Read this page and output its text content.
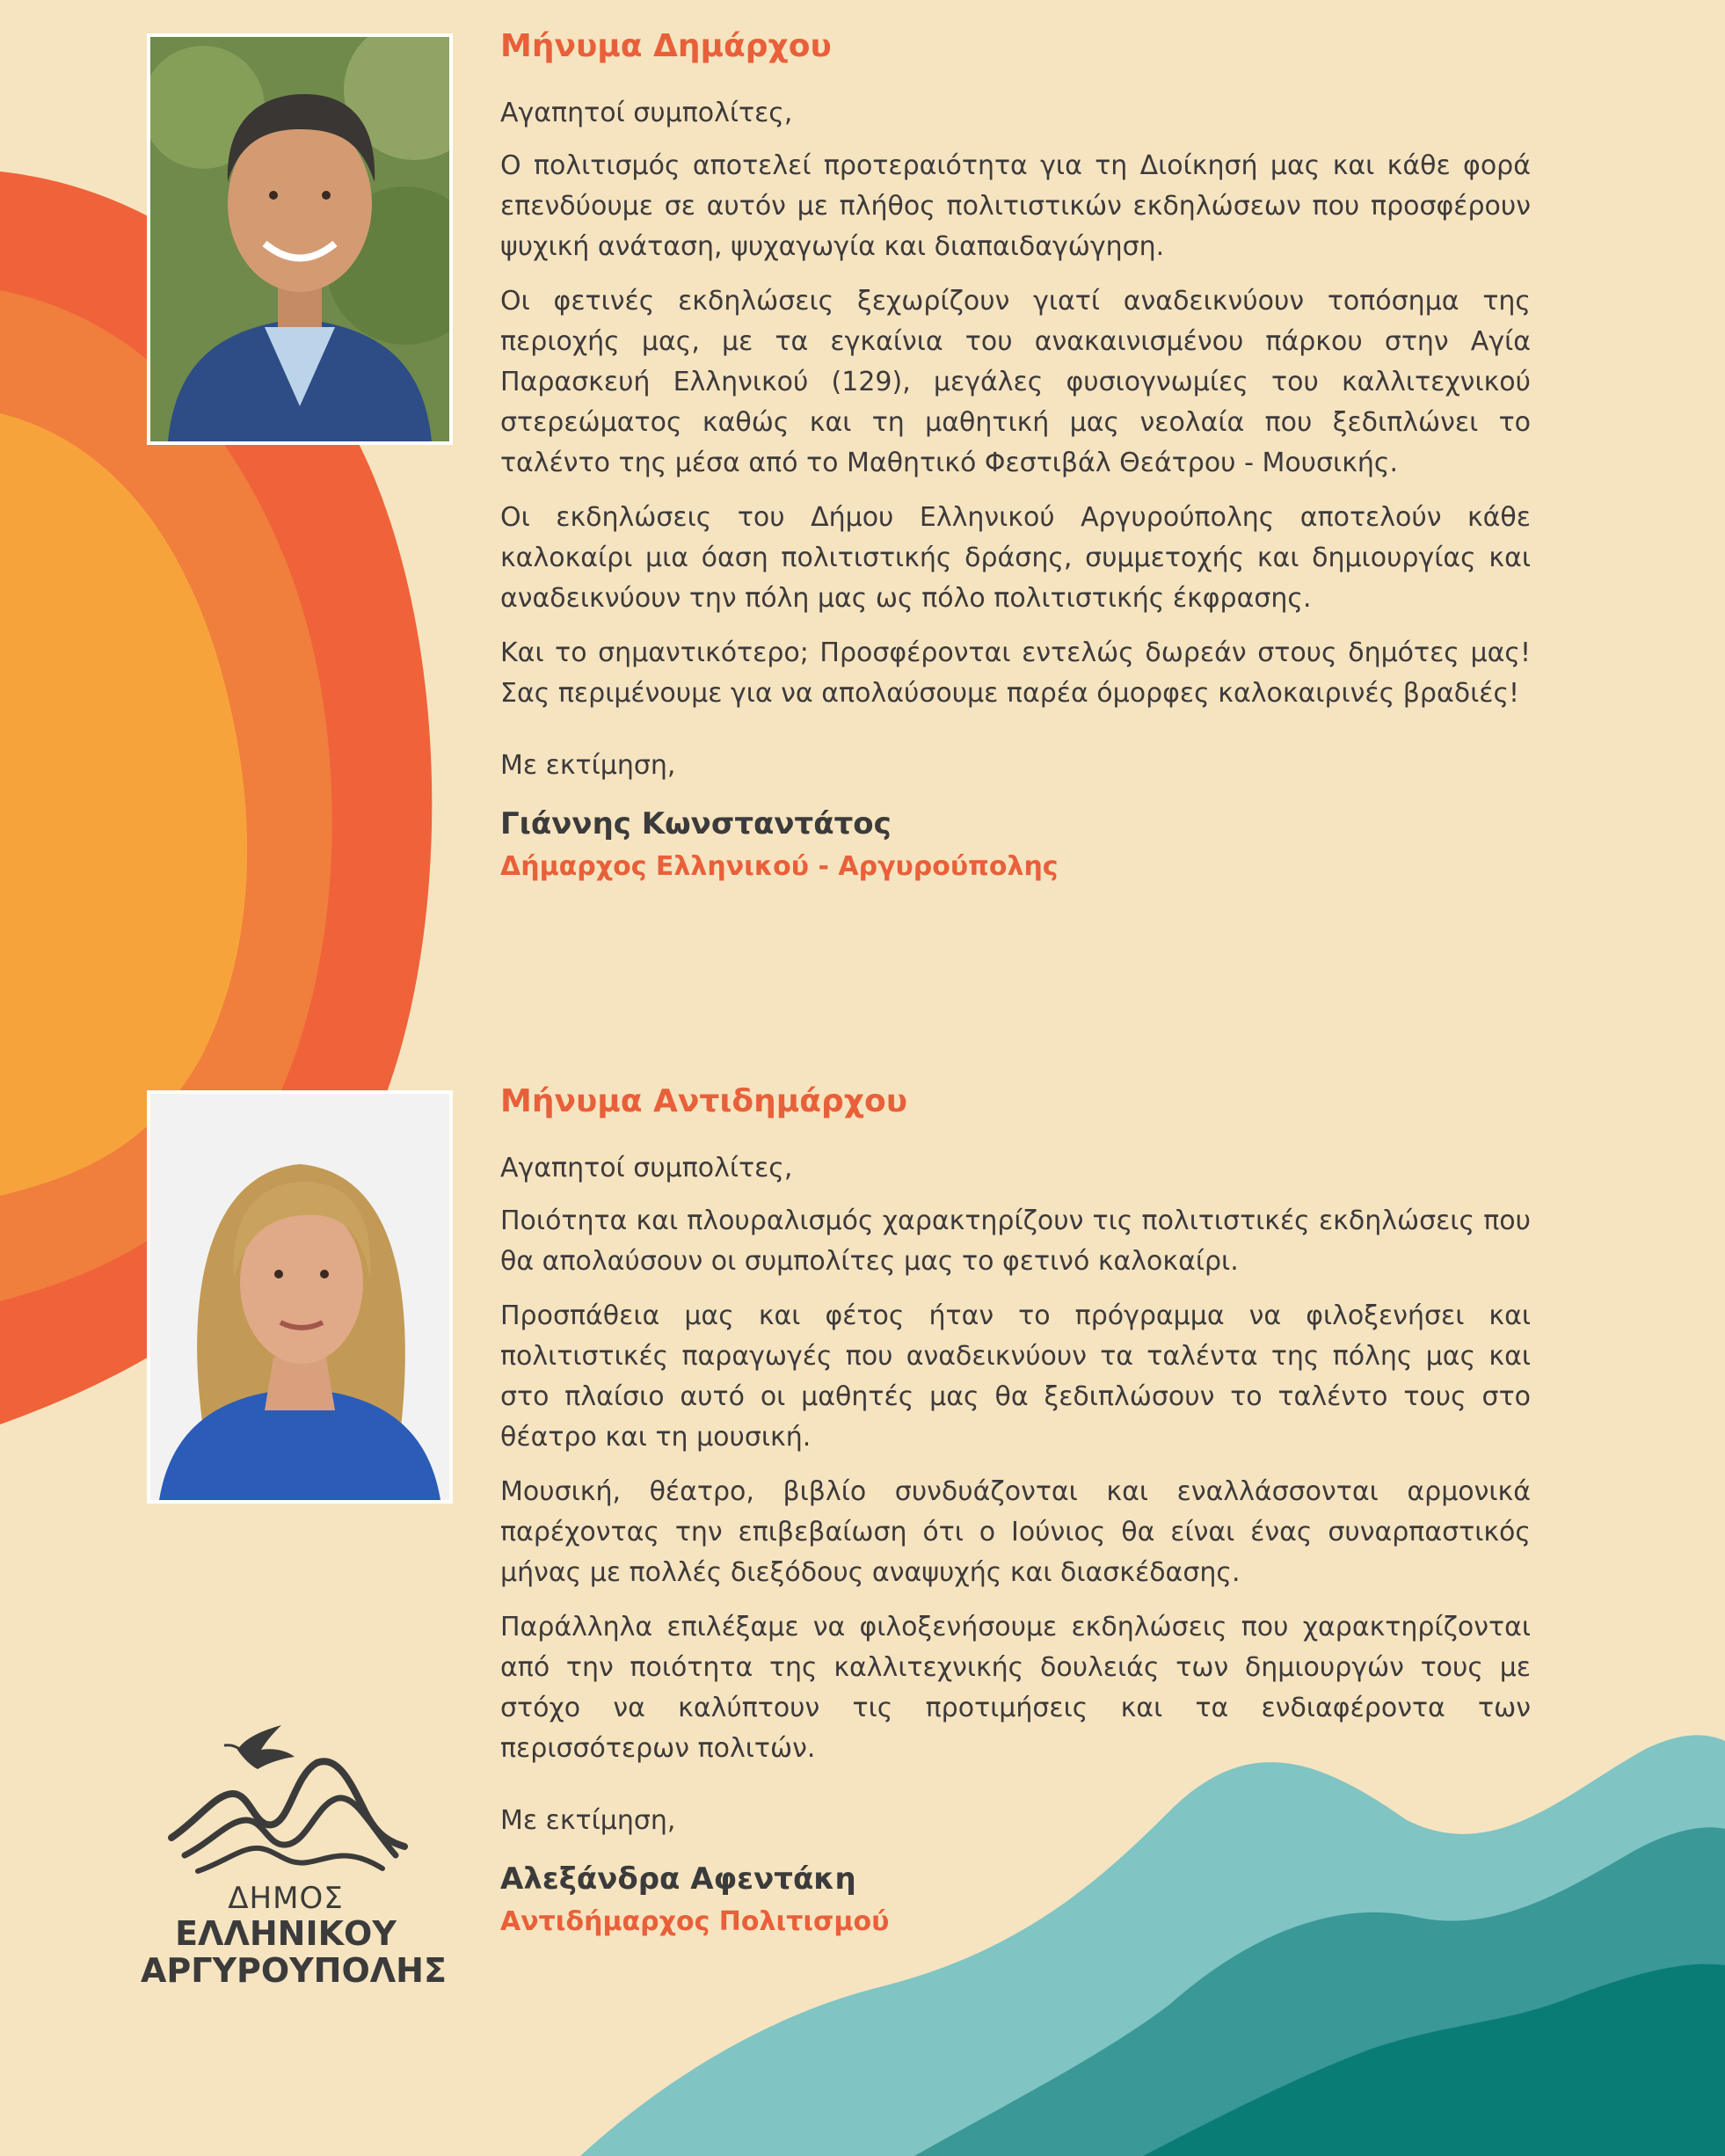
Μήνυμα Δημάρχου

Αγαπητοί συμπολίτες,

Ο πολιτισμός αποτελεί προτεραιότητα για τη Διοίκησή μας και κάθε φορά επενδύουμε σε αυτόν με πλήθος πολιτιστικών εκδηλώσεων που προσφέρουν ψυχική ανάταση, ψυχαγωγία και διαπαιδαγώγηση.

Οι φετινές εκδηλώσεις ξεχωρίζουν γιατί αναδεικνύουν τοπόσημα της περιοχής μας, με τα εγκαίνια του ανακαινισμένου πάρκου στην Αγία Παρασκευή Ελληνικού (129), μεγάλες φυσιογνωμίες του καλλιτεχνικού στερεώματος καθώς και τη μαθητική μας νεολαία που ξεδιπλώνει το ταλέντο της μέσα από το Μαθητικό Φεστιβάλ Θεάτρου - Μουσικής.

Οι εκδηλώσεις του Δήμου Ελληνικού Αργυρούπολης αποτελούν κάθε καλοκαίρι μια όαση πολιτιστικής δράσης, συμμετοχής και δημιουργίας και αναδεικνύουν την πόλη μας ως πόλο πολιτιστικής έκφρασης.

Και το σημαντικότερο; Προσφέρονται εντελώς δωρεάν στους δημότες μας! Σας περιμένουμε για να απολαύσουμε παρέα όμορφες καλοκαιρινές βραδιές!

Με εκτίμηση,

Γιάννης Κωνσταντάτος

Δήμαρχος Ελληνικού - Αργυρούπολης

Μήνυμα Αντιδημάρχου

Αγαπητοί συμπολίτες,

Ποιότητα και πλουραλισμός χαρακτηρίζουν τις πολιτιστικές εκδηλώσεις που θα απολαύσουν οι συμπολίτες μας το φετινό καλοκαίρι.

Προσπάθεια μας και φέτος ήταν το πρόγραμμα να φιλοξενήσει και πολιτιστικές παραγωγές που αναδεικνύουν τα ταλέντα της πόλης μας και στο πλαίσιο αυτό οι μαθητές μας θα ξεδιπλώσουν το ταλέντο τους στο θέατρο και τη μουσική.

Μουσική, θέατρο, βιβλίο συνδυάζονται και εναλλάσσονται αρμονικά παρέχοντας την επιβεβαίωση ότι ο Ιούνιος θα είναι ένας συναρπαστικός μήνας με πολλές διεξόδους αναψυχής και διασκέδασης.

Παράλληλα επιλέξαμε να φιλοξενήσουμε εκδηλώσεις που χαρακτηρίζονται από την ποιότητα της καλλιτεχνικής δουλειάς των δημιουργών τους με στόχο να καλύπτουν τις προτιμήσεις και τα ενδιαφέροντα των περισσότερων πολιτών.

Με εκτίμηση,

Αλεξάνδρα Αφεντάκη

Αντιδήμαρχος Πολιτισμού

ΔΗΜΟΣ
ΕΛΛΗΝΙΚΟΥ
ΑΡΓΥΡΟΥΠΟΛΗΣ
